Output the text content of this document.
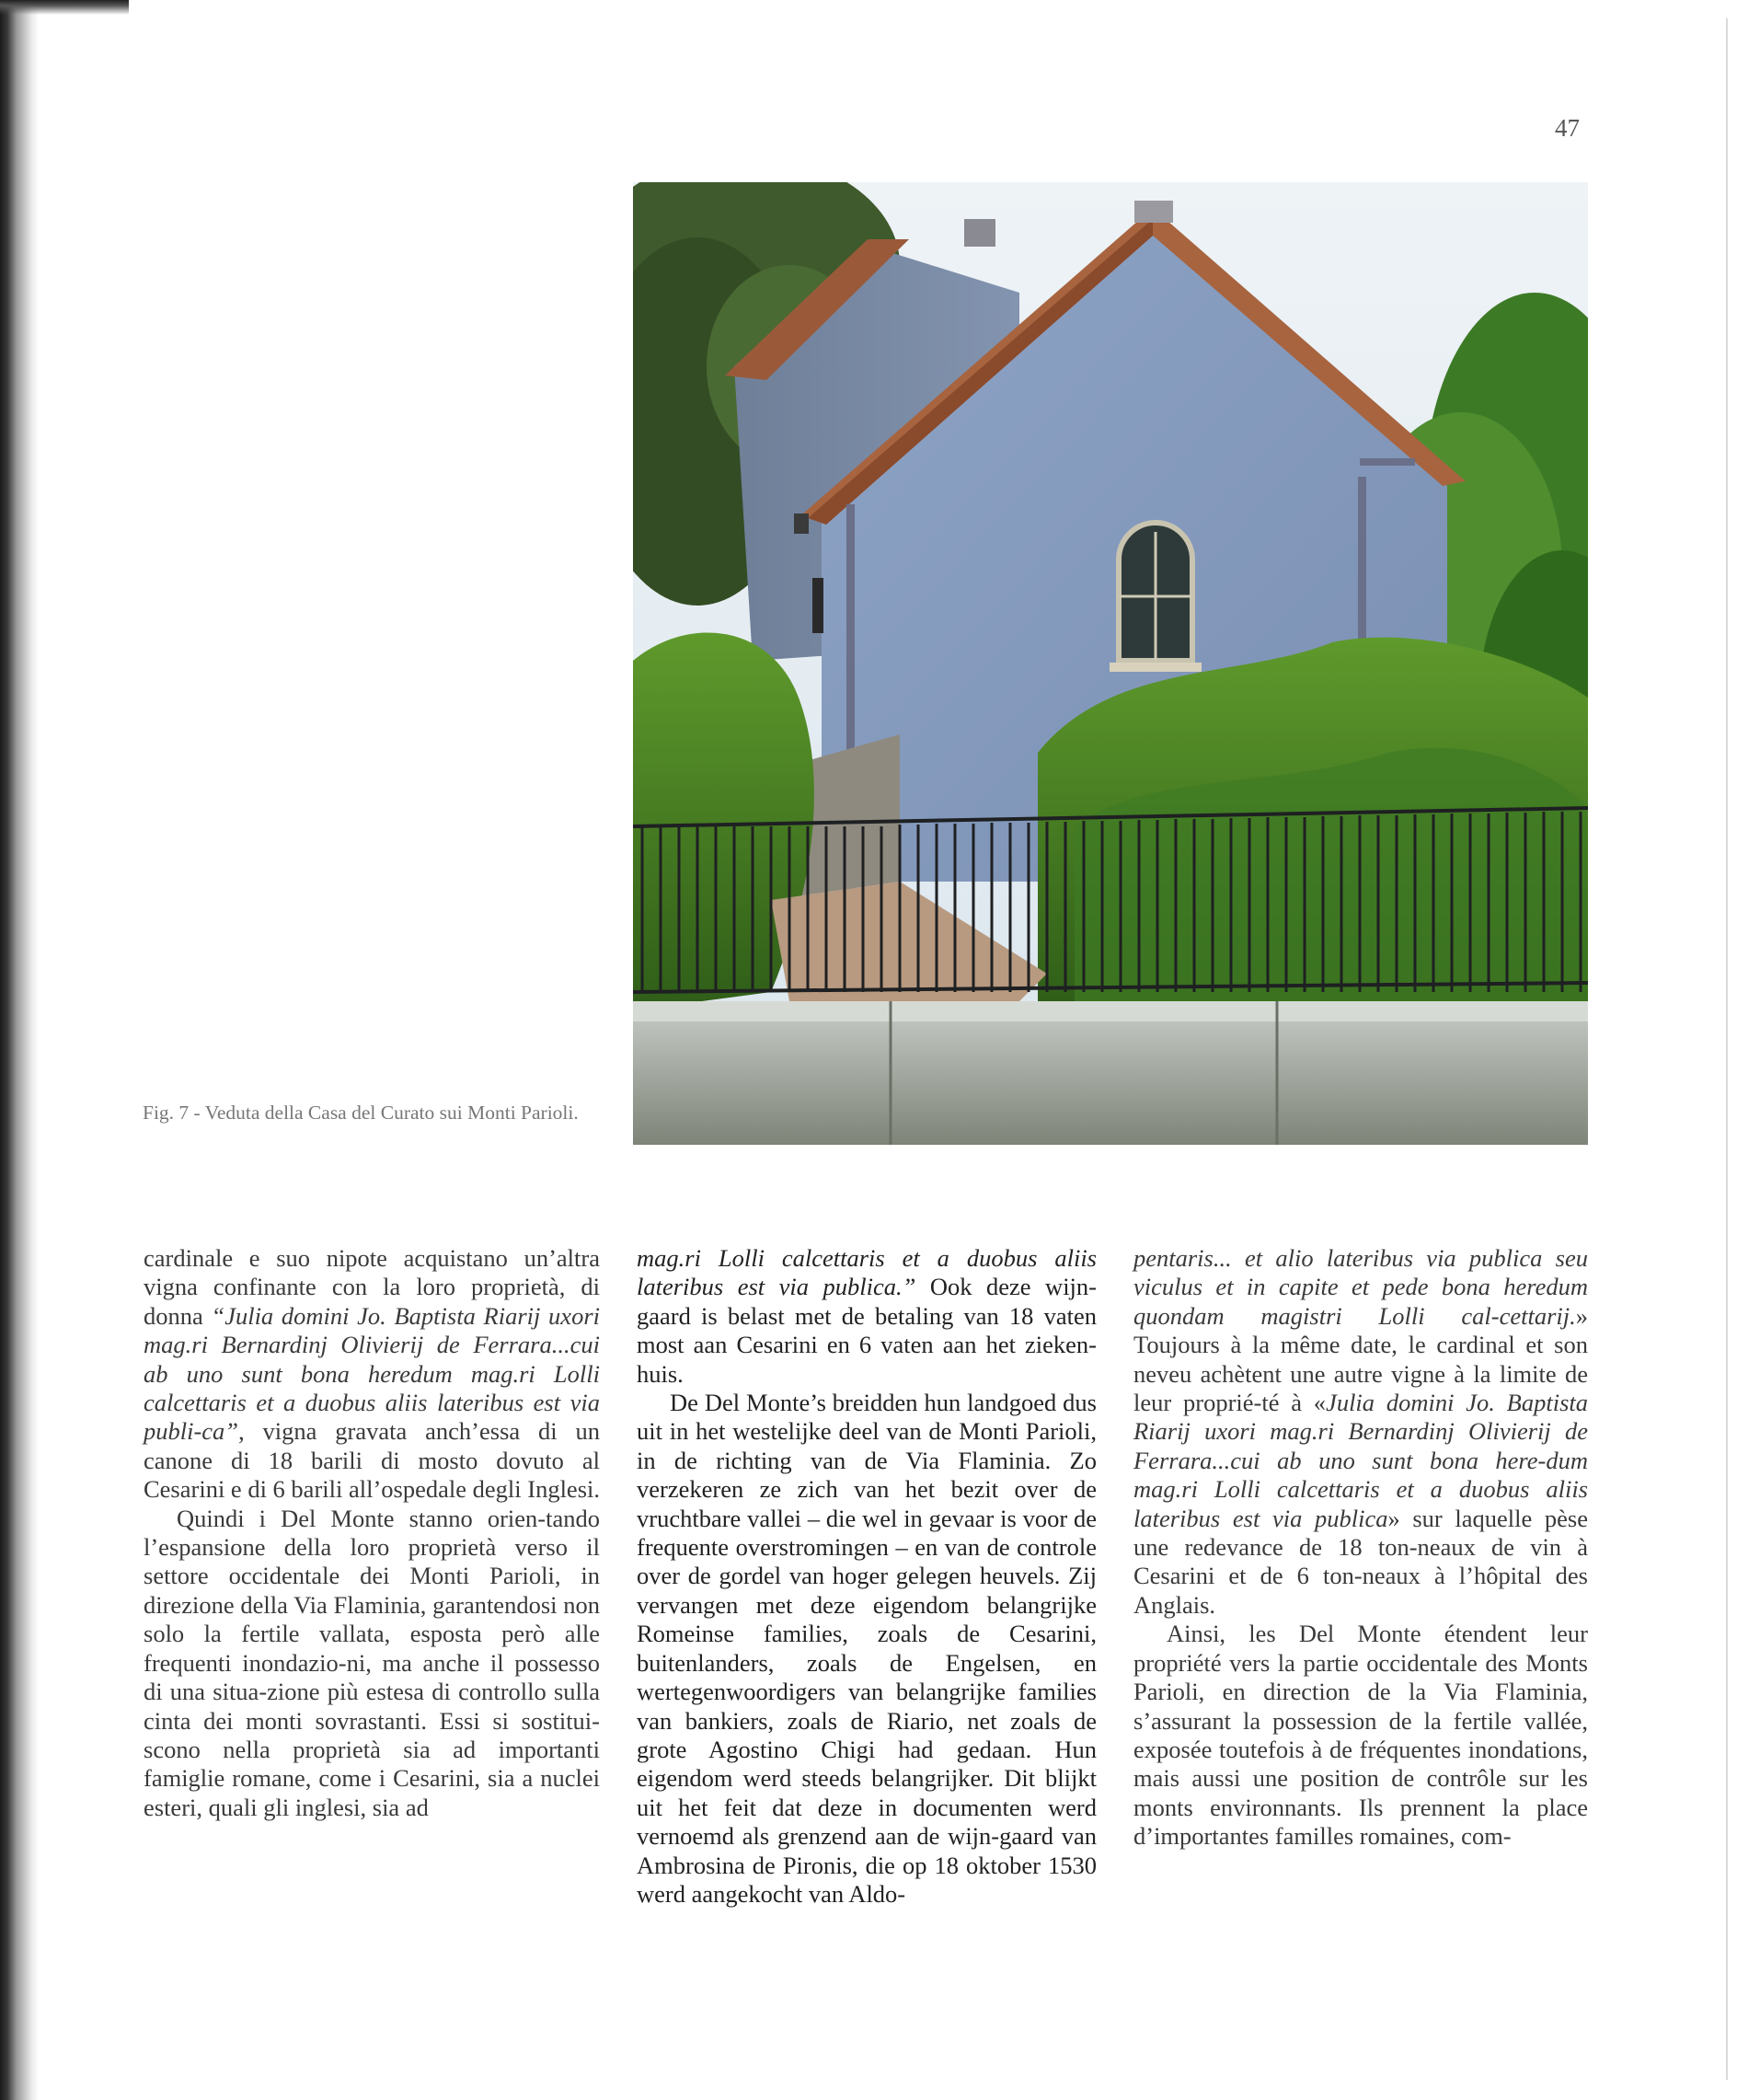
47
Fig. 7 - Veduta della Casa del Curato sui Monti Parioli.

cardinale e suo nipote acquistano un’altra vigna confinante con la loro proprietà, di donna “Julia domini Jo. Baptista Riarij uxori mag.ri Bernardinj Olivierij de Ferrara...cui ab uno sunt bona heredum mag.ri Lolli calcettaris et a duobus aliis lateribus est via publi-ca”, vigna gravata anch’essa di un canone di 18 barili di mosto dovuto al Cesarini e di 6 barili all’ospedale degli Inglesi.

Quindi i Del Monte stanno orien-tando l’espansione della loro proprietà verso il settore occidentale dei Monti Parioli, in direzione della Via Flaminia, garantendosi non solo la fertile vallata, esposta però alle frequenti inondazio-ni, ma anche il possesso di una situa-zione più estesa di controllo sulla cinta dei monti sovrastanti. Essi si sostitui-scono nella proprietà sia ad importanti famiglie romane, come i Cesarini, sia a nuclei esteri, quali gli inglesi, sia ad

mag.ri Lolli calcettaris et a duobus aliis lateribus est via publica.” Ook deze wijn-gaard is belast met de betaling van 18 vaten most aan Cesarini en 6 vaten aan het zieken-huis.

De Del Monte’s breidden hun landgoed dus uit in het westelijke deel van de Monti Parioli, in de richting van de Via Flaminia. Zo verzekeren ze zich van het bezit over de vruchtbare vallei – die wel in gevaar is voor de frequente overstromingen – en van de controle over de gordel van hoger gelegen heuvels. Zij vervangen met deze eigendom belangrijke Romeinse families, zoals de Cesarini, buitenlanders, zoals de Engelsen, en wertegenwoordigers van belangrijke families van bankiers, zoals de Riario, net zoals de grote Agostino Chigi had gedaan. Hun eigendom werd steeds belangrijker. Dit blijkt uit het feit dat deze in documenten werd vernoemd als grenzend aan de wijn-gaard van Ambrosina de Pironis, die op 18 oktober 1530 werd aangekocht van Aldo-

pentaris... et alio lateribus via publica seu viculus et in capite et pede bona heredum quondam magistri Lolli cal-cettarij.» Toujours à la même date, le cardinal et son neveu achètent une autre vigne à la limite de leur proprié-té à «Julia domini Jo. Baptista Riarij uxori mag.ri Bernardinj Olivierij de Ferrara...cui ab uno sunt bona here-dum mag.ri Lolli calcettaris et a duobus aliis lateribus est via publica» sur laquelle pèse une redevance de 18 ton-neaux de vin à Cesarini et de 6 ton-neaux à l’hôpital des Anglais.

Ainsi, les Del Monte étendent leur propriété vers la partie occidentale des Monts Parioli, en direction de la Via Flaminia, s’assurant la possession de la fertile vallée, exposée toutefois à de fréquentes inondations, mais aussi une position de contrôle sur les monts environnants. Ils prennent la place d’importantes familles romaines, com-
